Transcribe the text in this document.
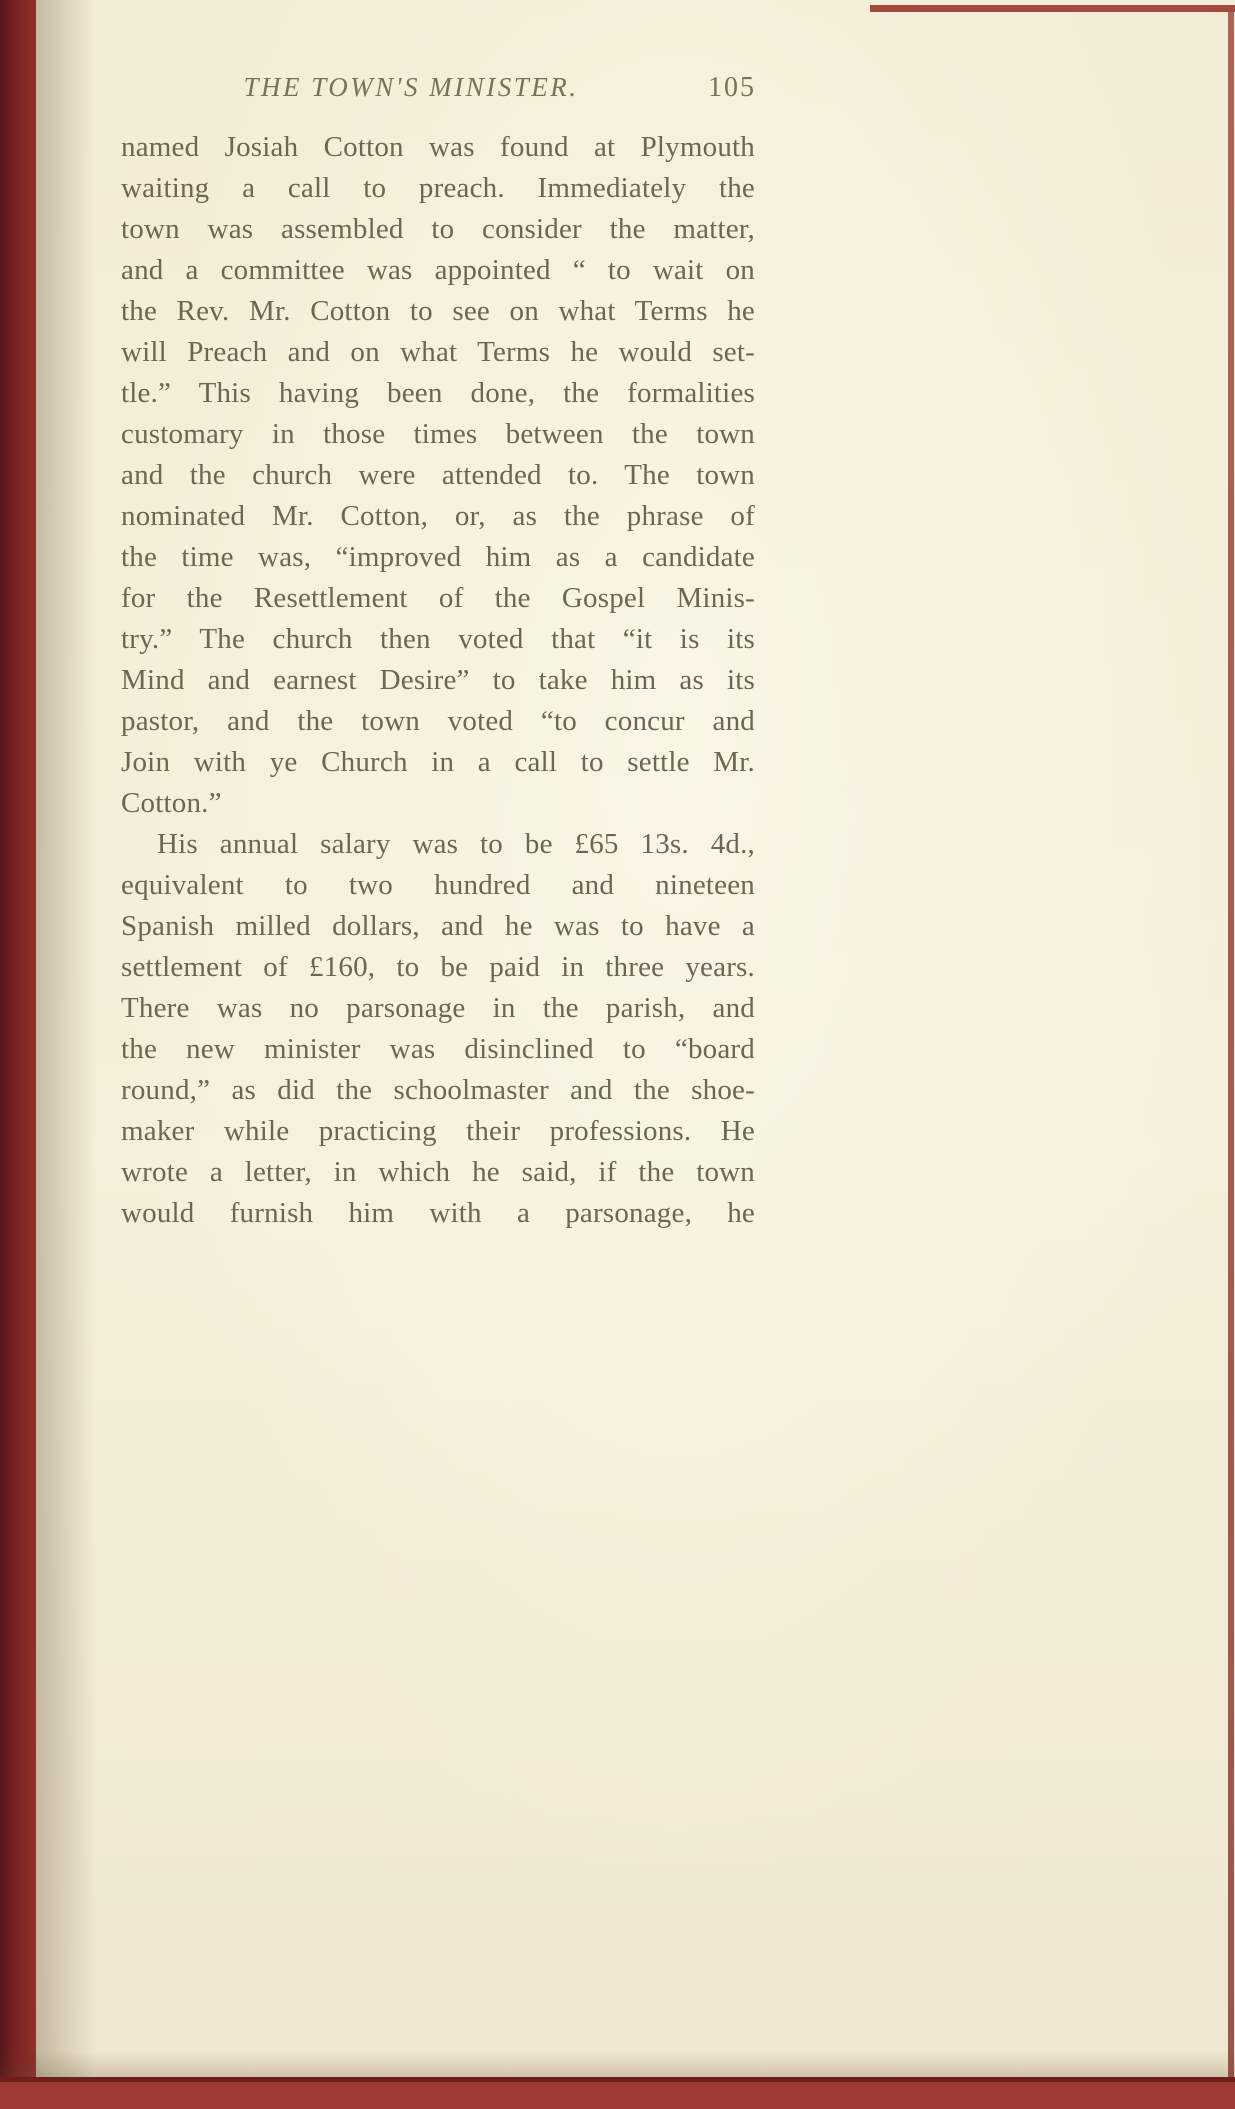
THE TOWN'S MINISTER.	105
named Josiah Cotton was found at Plymouth
waiting a call to preach. Immediately the
town was assembled to consider the matter,
and a committee was appointed “ to wait on
the Rev. Mr. Cotton to see on what Terms he
will Preach and on what Terms he would set-
tle.” This having been done, the formalities
customary in those times between the town
and the church were attended to. The town
nominated Mr. Cotton, or, as the phrase of
the time was, “improved him as a candidate
for the Resettlement of the Gospel Minis-
try.” The church then voted that “it is its
Mind and earnest Desire” to take him as its
pastor, and the town voted “to concur and
Join with ye Church in a call to settle Mr.
Cotton.”
His annual salary was to be £65 13s. 4d.,
equivalent to two hundred and nineteen
Spanish milled dollars, and he was to have a
settlement of £160, to be paid in three years.
There was no parsonage in the parish, and
the new minister was disinclined to “board
round,” as did the schoolmaster and the shoe-
maker while practicing their professions. He
wrote a letter, in which he said, if the town
would furnish him with a parsonage, he
